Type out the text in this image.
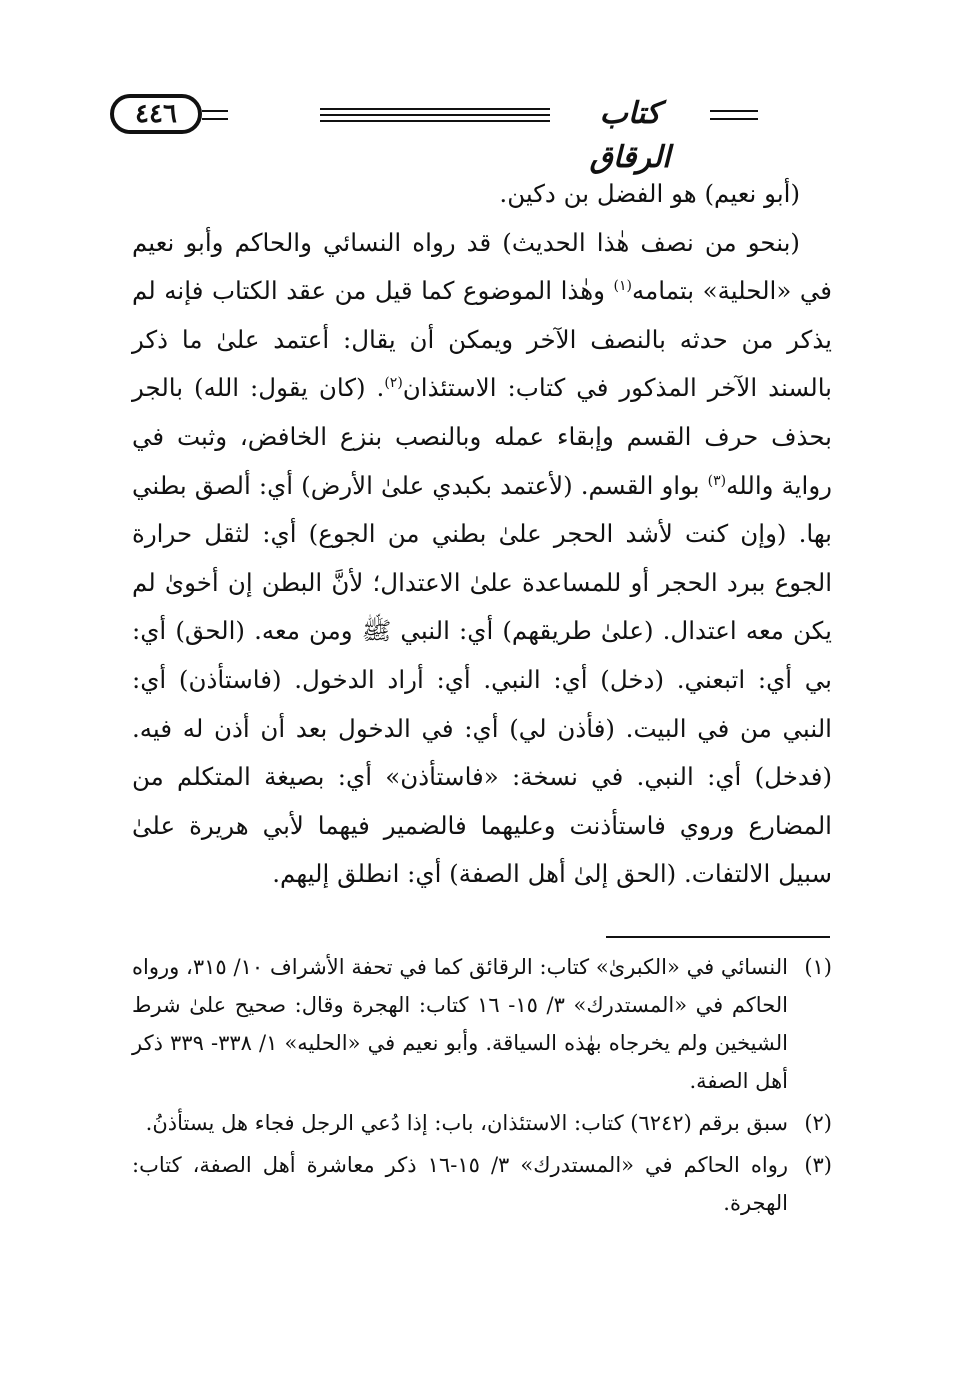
٤٤٦	كتاب الرقاق

(أبو نعيم) هو الفضل بن دكين.

(بنحو من نصف هٰذا الحديث) قد رواه النسائي والحاكم وأبو نعيم في «الحلية» بتمامه$^{(١)}$ وهٰذا الموضوع كما قيل من عقد الكتاب فإنه لم يذكر من حدثه بالنصف الآخر ويمكن أن يقال: أعتمد علىٰ ما ذكر بالسند الآخر المذكور في كتاب: الاستئذان$^{(٢)}$. (كان يقول: الله) بالجر بحذف حرف القسم وإبقاء عمله وبالنصب بنزع الخافض، وثبت في رواية والله$^{(٣)}$ بواو القسم. (لأعتمد بكبدي علىٰ الأرض) أي: ألصق بطني بها. (وإن كنت لأشد الحجر علىٰ بطني من الجوع) أي: لثقل حرارة الجوع ببرد الحجر أو للمساعدة علىٰ الاعتدال؛ لأنَّ البطن إن أخوىٰ لم يكن معه اعتدال. (علىٰ طريقهم) أي: النبي ﷺ ومن معه. (الحق) أي: بي أي: اتبعني. (دخل) أي: النبي. أي: أراد الدخول. (فاستأذن) أي: النبي من في البيت. (فأذن لي) أي: في الدخول بعد أن أذن له فيه. (فدخل) أي: النبي. في نسخة: «فاستأذن» أي: بصيغة المتكلم من المضارع وروي فاستأذنت وعليهما فالضمير فيهما لأبي هريرة علىٰ سبيل الالتفات. (الحق إلىٰ أهل الصفة) أي: انطلق إليهم.

(١)
النسائي في «الكبرىٰ» كتاب: الرقائق كما في تحفة الأشراف ١٠/ ٣١٥، ورواه الحاكم في «المستدرك» ٣/ ١٥- ١٦ كتاب: الهجرة وقال: صحيح علىٰ شرط الشيخين ولم يخرجاه بهٰذه السياقة. وأبو نعيم في «الحليه» ١/ ٣٣٨- ٣٣٩ ذكر أهل الصفة.
(٢)
سبق برقم (٦٢٤٢) كتاب: الاستئذان، باب: إذا دُعي الرجل فجاء هل يستأذنُ.
(٣)
رواه الحاكم في «المستدرك» ٣/ ١٥-١٦ ذكر معاشرة أهل الصفة، كتاب: الهجرة.
